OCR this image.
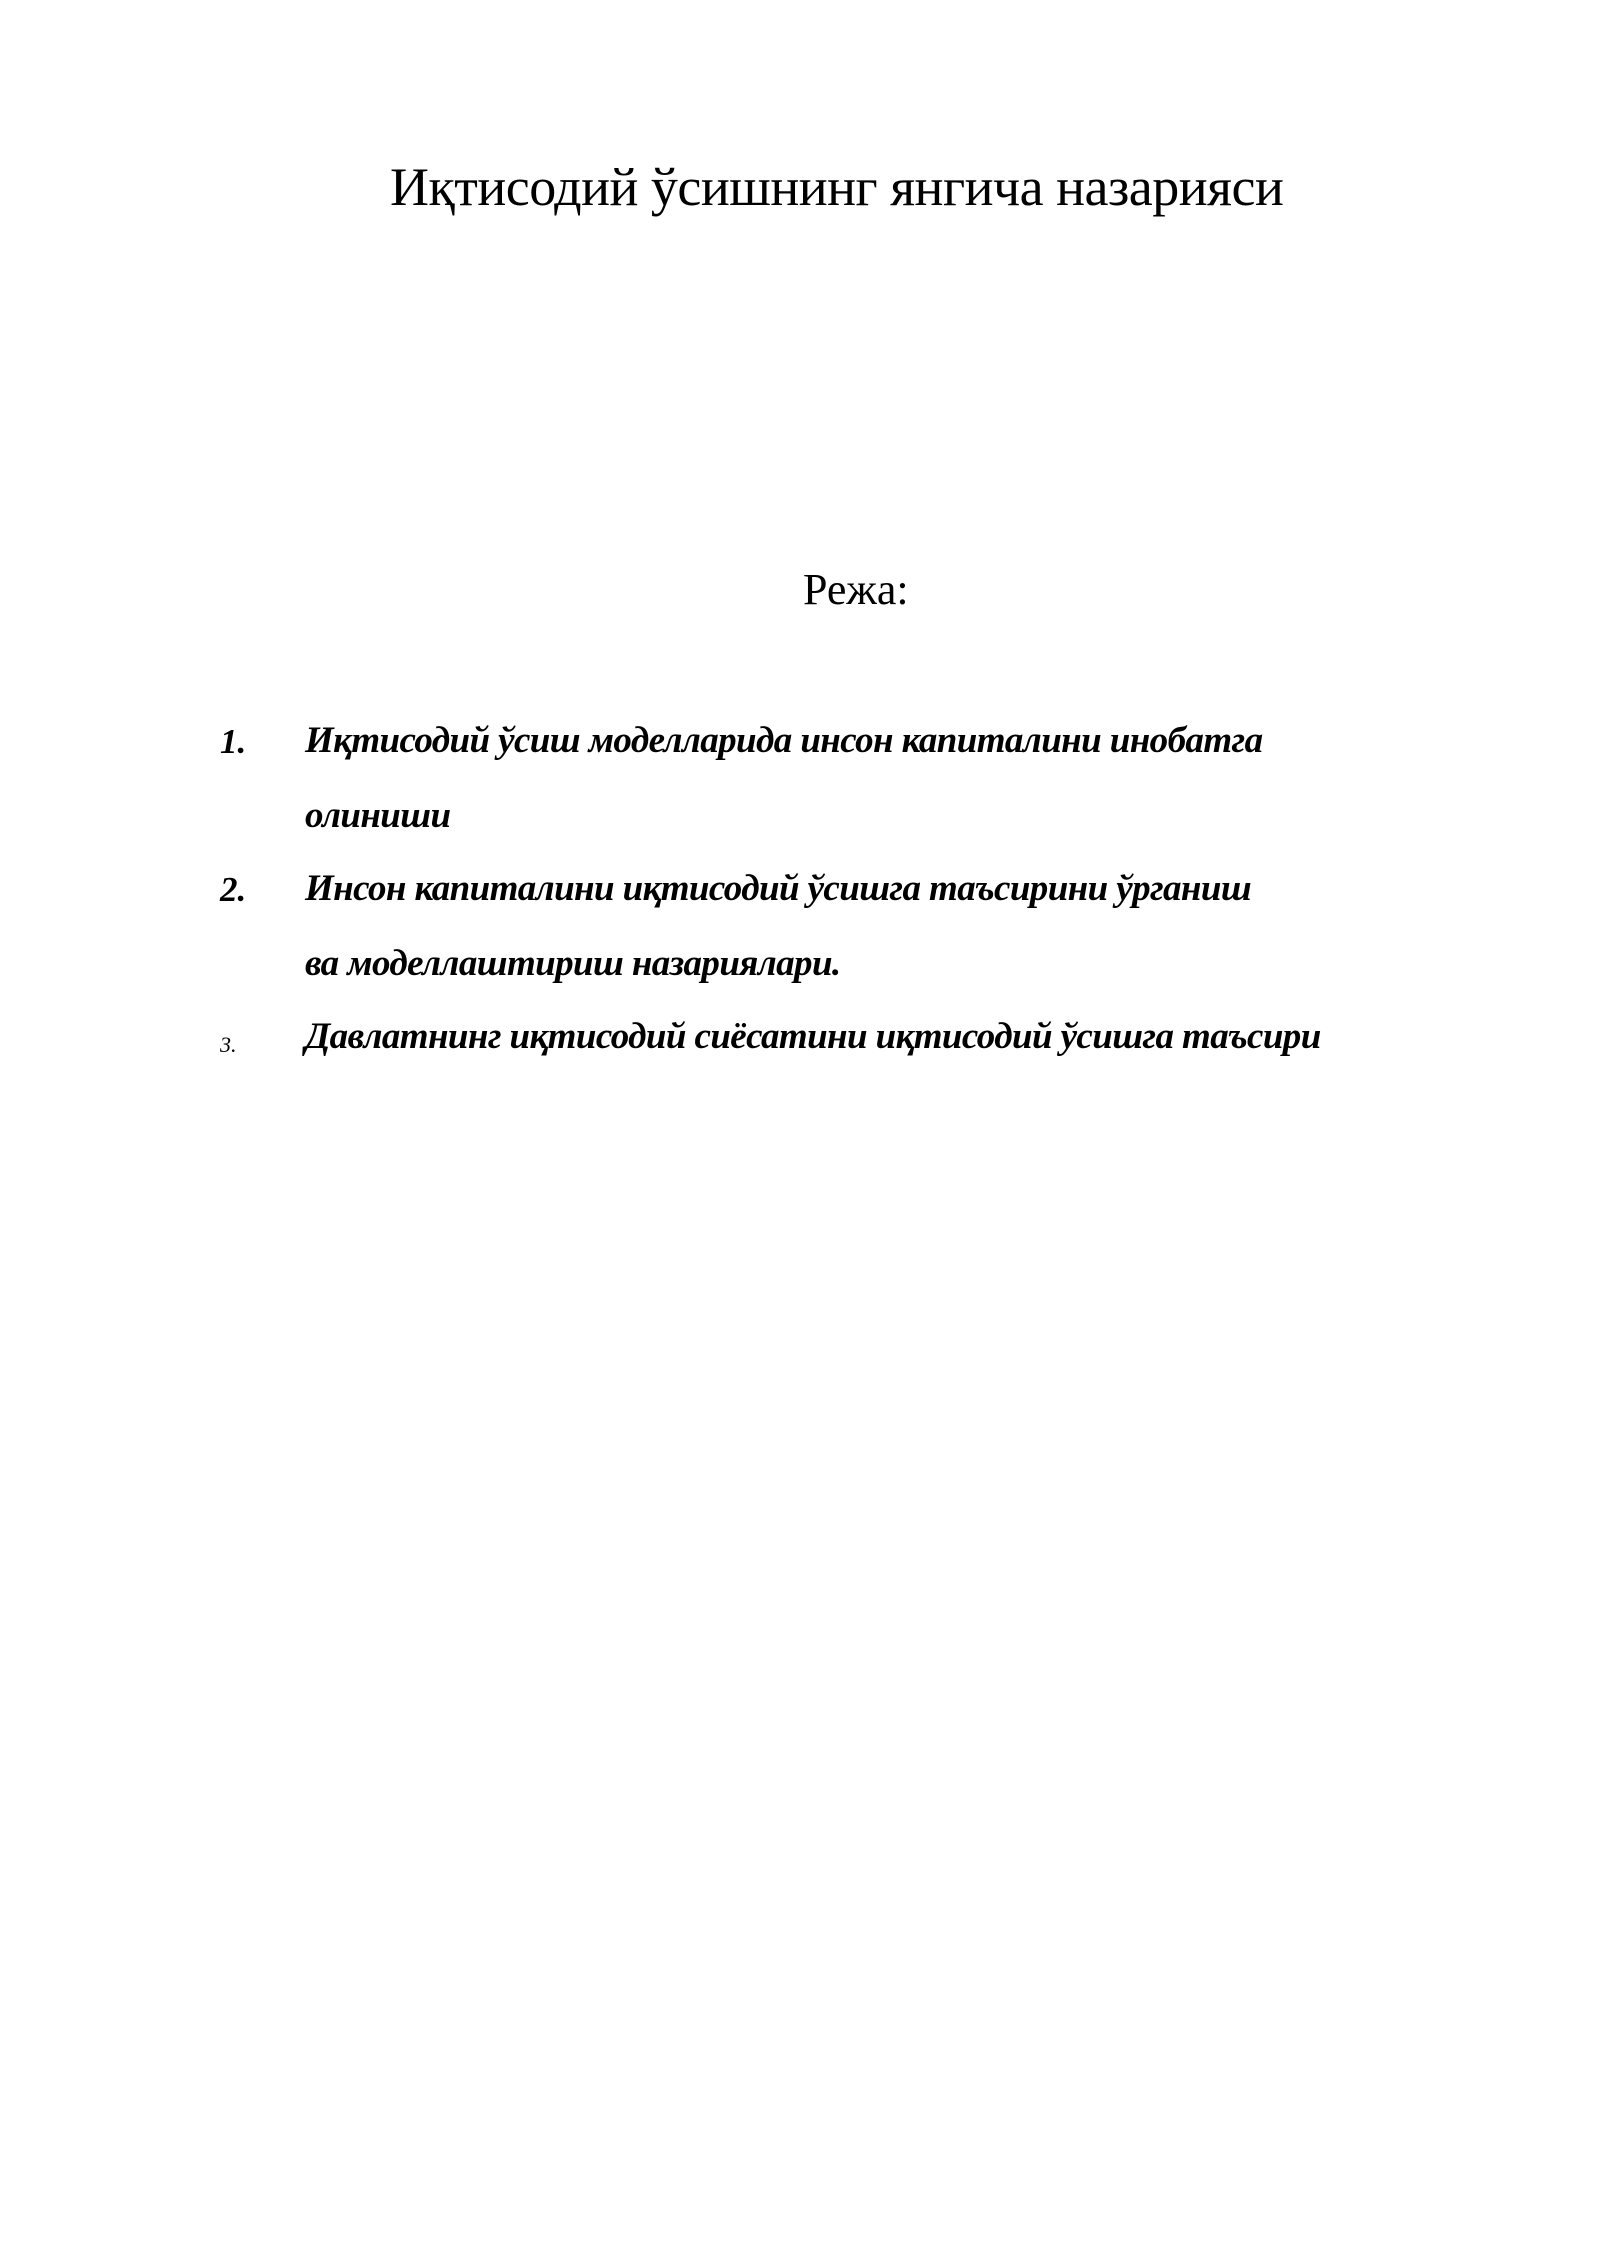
Иқтисодий ўсишнинг янгича назарияси
Режа:
1. Иқтисодий ўсиш моделларида инсон капиталини инобатга
олиниши
2. Инсон капиталини иқтисодий ўсишга таъсирини ўрганиш
ва моделлаштириш назариялари.
3. Давлатнинг иқтисодий сиёсатини иқтисодий ўсишга таъсири
